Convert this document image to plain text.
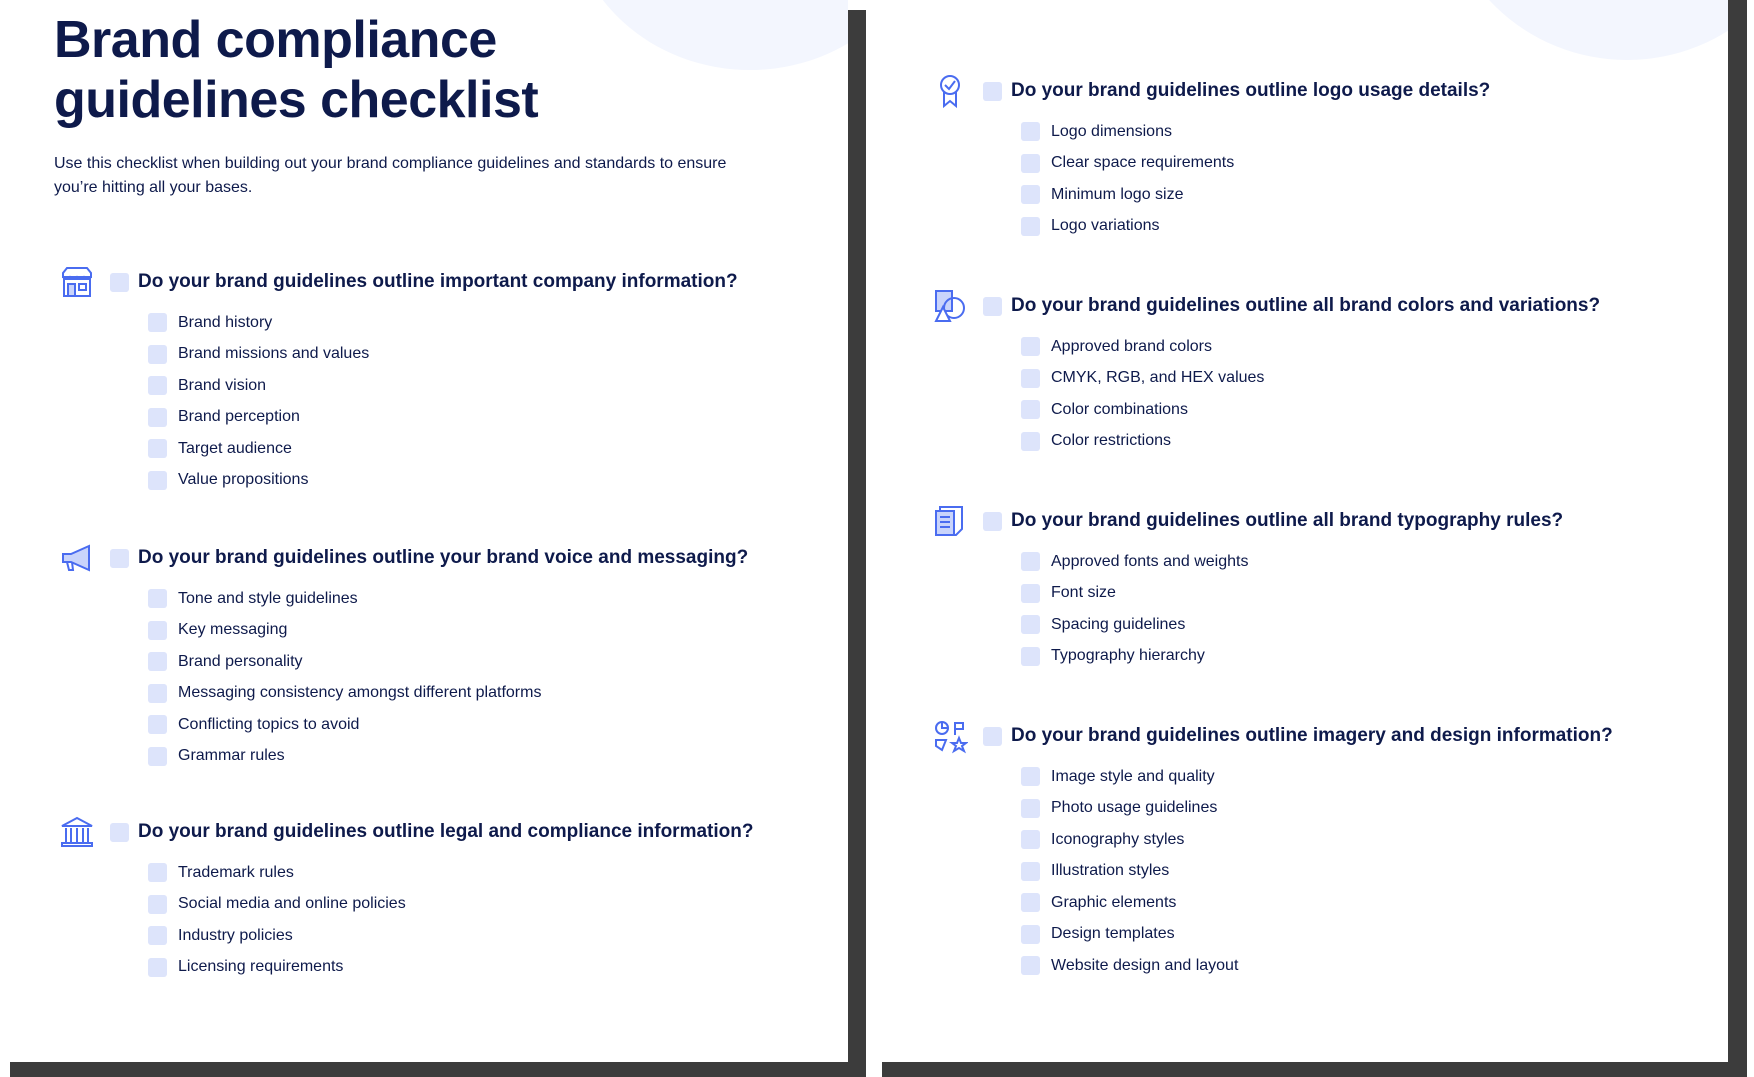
Brand compliance
guidelines checklist

Use this checklist when building out your brand compliance guidelines and standards to ensure
you’re hitting all your bases.

Do your brand guidelines outline important company information?
Brand history
Brand missions and values
Brand vision
Brand perception
Target audience
Value propositions
Do your brand guidelines outline your brand voice and messaging?
Tone and style guidelines
Key messaging
Brand personality
Messaging consistency amongst different platforms
Conflicting topics to avoid
Grammar rules
Do your brand guidelines outline legal and compliance information?
Trademark rules
Social media and online policies
Industry policies
Licensing requirements
Do your brand guidelines outline logo usage details?
Logo dimensions
Clear space requirements
Minimum logo size
Logo variations
Do your brand guidelines outline all brand colors and variations?
Approved brand colors
CMYK, RGB, and HEX values
Color combinations
Color restrictions
Do your brand guidelines outline all brand typography rules?
Approved fonts and weights
Font size
Spacing guidelines
Typography hierarchy
Do your brand guidelines outline imagery and design information?
Image style and quality
Photo usage guidelines
Iconography styles
Illustration styles
Graphic elements
Design templates
Website design and layout
